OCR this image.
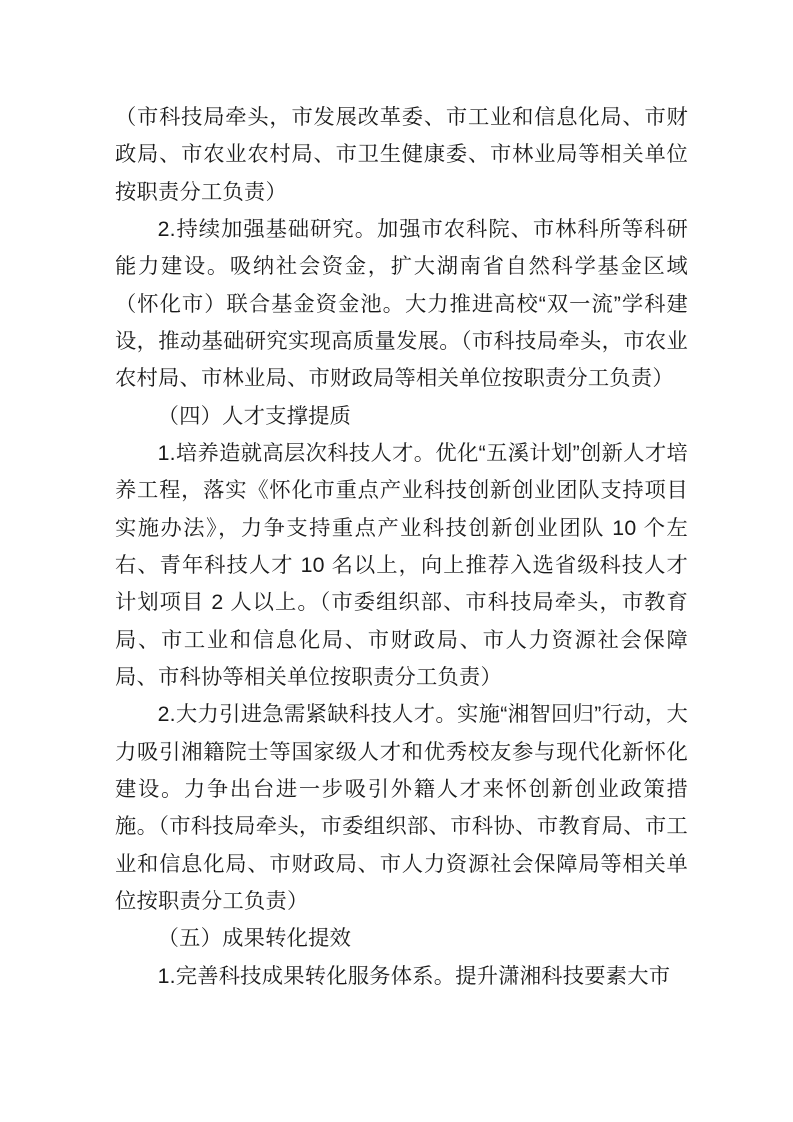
（市科技局牵头，市发展改革委、市工业和信息化局、市财政局、市农业农村局、市卫生健康委、市林业局等相关单位按职责分工负责）

2.持续加强基础研究。加强市农科院、市林科所等科研能力建设。吸纳社会资金，扩大湖南省自然科学基金区域（怀化市）联合基金资金池。大力推进高校“双一流”学科建设，推动基础研究实现高质量发展。（市科技局牵头，市农业农村局、市林业局、市财政局等相关单位按职责分工负责）

（四）人才支撑提质

1.培养造就高层次科技人才。优化“五溪计划”创新人才培养工程，落实《怀化市重点产业科技创新创业团队支持项目实施办法》，力争支持重点产业科技创新创业团队 10 个左右、青年科技人才 10 名以上，向上推荐入选省级科技人才计划项目 2 人以上。（市委组织部、市科技局牵头，市教育局、市工业和信息化局、市财政局、市人力资源社会保障局、市科协等相关单位按职责分工负责）

2.大力引进急需紧缺科技人才。实施“湘智回归”行动，大力吸引湘籍院士等国家级人才和优秀校友参与现代化新怀化建设。力争出台进一步吸引外籍人才来怀创新创业政策措施。（市科技局牵头，市委组织部、市科协、市教育局、市工业和信息化局、市财政局、市人力资源社会保障局等相关单位按职责分工负责）

（五）成果转化提效

1.完善科技成果转化服务体系。提升潇湘科技要素大市
